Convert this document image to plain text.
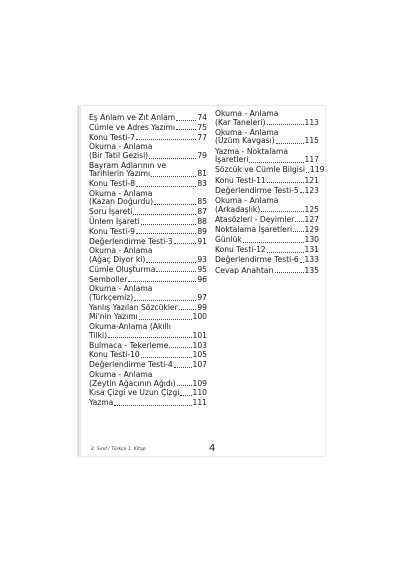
Eş Anlam ve Zıt Anlam	74
Cümle ve Adres Yazımı	75
Konu Testi-7	77
Okuma - Anlama
(Bir Tatil Gezisi)	79
Bayram Adlarının ve
Tarihlerin Yazımı	81
Konu Testi-8	83
Okuma - Anlama
(Kazan Doğurdu)	85
Soru İşareti	87
Ünlem İşareti	88
Konu Testi-9	89
Değerlendirme Testi-3	91
Okuma - Anlama
(Ağaç Diyor ki)	93
Cümle Oluşturma	95
Semboller	96
Okuma - Anlama
(Türkçemiz)	97
Yanlış Yazılan Sözcükler	99
Mi'nin Yazımı	100
Okuma-Anlama (Akıllı
Tilki)	101
Bulmaca - Tekerleme	103
Konu Testi-10	105
Değerlendirme Testi-4	107
Okuma - Anlama
(Zeytin Ağacının Ağıdı) 109
Kısa Çizgi ve Uzun Çizgi 110
Yazma	111
Okuma - Anlama
(Kar Taneleri)	113
Okuma - Anlama
(Üzüm Kavgası)	115
Yazma - Noktalama
İşaretleri	117
Sözcük ve Cümle Bilgisi 119
Konu Testi-11	121
Değerlendirme Testi-5 123
Okuma - Anlama
(Arkadaşlık)	125
Atasözleri - Deyimler 127
Noktalama İşaretleri 129
Günlük	130
Konu Testi-12	131
Değerlendirme Testi-6 133
Cevap Anahtarı	135
2. Sınıf / Türkçe 1. Kitap	4
